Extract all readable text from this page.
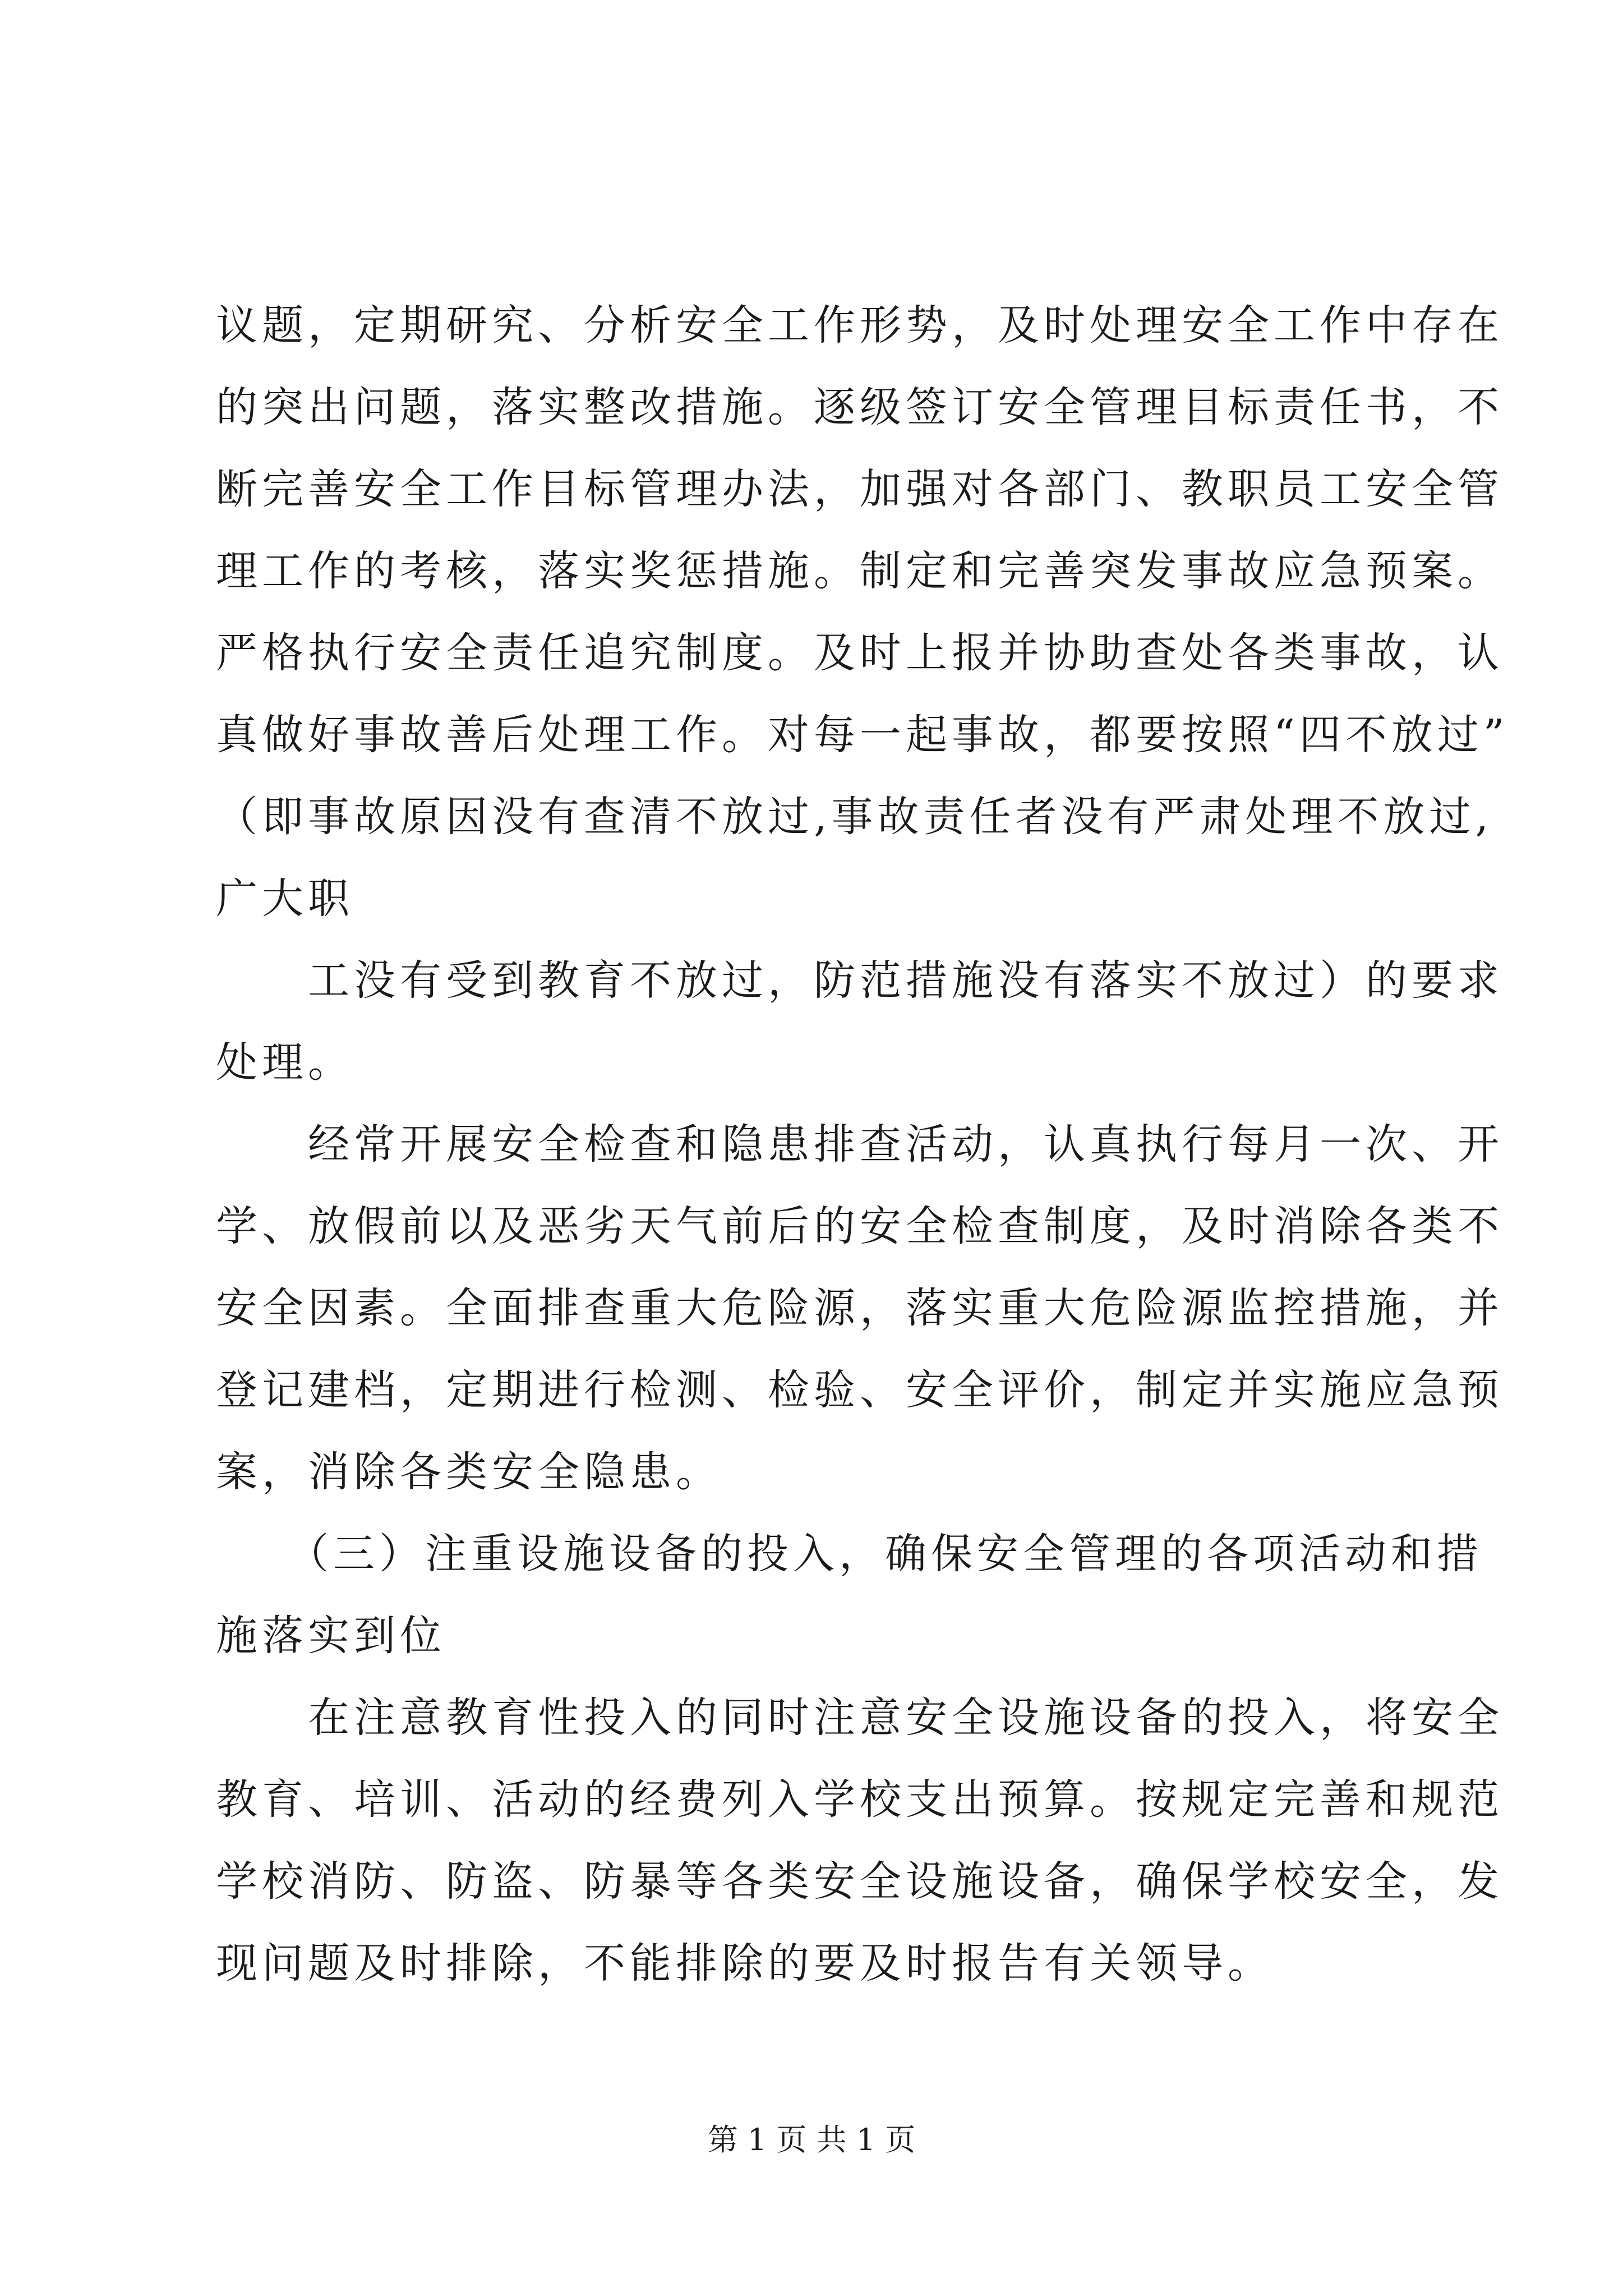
议题，定期研究、分析安全工作形势，及时处理安全工作中存在
的突出问题，落实整改措施。逐级签订安全管理目标责任书，不
断完善安全工作目标管理办法，加强对各部门、教职员工安全管
理工作的考核，落实奖惩措施。制定和完善突发事故应急预案。
严格执行安全责任追究制度。及时上报并协助查处各类事故，认
真做好事故善后处理工作。对每一起事故，都要按照“四不放过”
（即事故原因没有查清不放过,事故责任者没有严肃处理不放过,
广大职
　　工没有受到教育不放过，防范措施没有落实不放过）的要求
处理。
　　经常开展安全检查和隐患排查活动，认真执行每月一次、开
学、放假前以及恶劣天气前后的安全检查制度，及时消除各类不
安全因素。全面排查重大危险源，落实重大危险源监控措施，并
登记建档，定期进行检测、检验、安全评价，制定并实施应急预
案，消除各类安全隐患。
　　（三）注重设施设备的投入，确保安全管理的各项活动和措
施落实到位
　　在注意教育性投入的同时注意安全设施设备的投入，将安全
教育、培训、活动的经费列入学校支出预算。按规定完善和规范
学校消防、防盗、防暴等各类安全设施设备，确保学校安全，发
现问题及时排除，不能排除的要及时报告有关领导。
第 1 页 共 1 页
